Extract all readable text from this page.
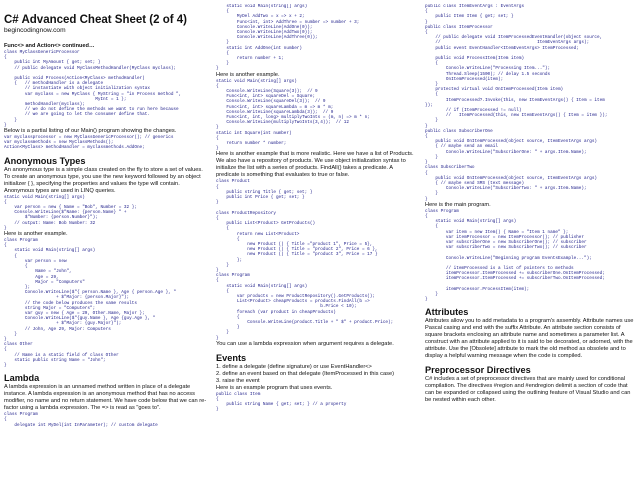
C# Advanced Cheat Sheet (2 of 4)
begincodingnow.com
Func<> and Action<> continued…
class MyClassGenericProcessor
{
public int MyAmount { get; set; }
// public delegate void MyClassMethodHandler(MyClass myclass);

public void Process(Action<MyClass> methodHandler)
{   // methodHandler is a delegate
// instantiate with object initialization syntax
var myclass = new MyClass { MyString = "in Process method ",
MyInt = 1 };
methodHandler(myclass);
// we do not define the methods we want to run here because
// we are going to let the consumer define that.
}
}
Below is a partial listing of our Main() program showing the changes.
var myclassprocessor = new MyClassGenericProcessor(); // generics
var myclassmethods = new MyClassMethods();
Action<MyClass> methodHandler = myclassmethods.AddOne;
Anonymous Types
An anonymous type is a simple class created on the fly to store a set of values. To create an anonymous type, you use the new keyword followed by an object initializer { }, specifying the properties and values the type will contain. Anonymous types are used in LINQ queries.
static void Main(string[] args)
{
var person = new { Name = "Bob", Number = 32 };
Console.WriteLine($"Name: {person.Name} " +
$"Number: {person.Number}");
// output: Name: Bob Number: 32
}
Here is another example.
class Program
{
static void Main(string[] args)
{
var person = new
{
Name = "John",
Age = 29,
Major = "Computers"
};
Console.WriteLine($"{ person.Name }, Age { person.Age }, "
+ $"Major: {person.Major}");
// the code below produces the same results
string Major = "Computers";
var guy = new { Age = 29, Other.Name, Major };
Console.WriteLine($"{guy.Name }, Age {guy.Age }, "
+ $"Major: {guy.Major}");
// John, Age 29, Major: Computers
}
}
class Other
{
// Name is a static field of class Other
static public string Name = "John";
}
Lambda
A lambda expression is an unnamed method written in place of a delegate instance. A lambda expression is an anonymous method that has no access modifier, no name and no return statement. We have code below that we can re-factor using a lambda expression. The => is read as "goes to".
class Program
{
delegate int MyDel(int InParameter); // custom delegate
static void Main(string[] args)
{
MyDel AddTwo = x => x + 2;
Func<int, int> AddThree = number => number + 3;
Console.WriteLine(AddOne(0));
Console.WriteLine(AddTwo(0));
Console.WriteLine(AddThree(0));
}
static int AddOne(int number)
{
return number + 1;
}
}
Here is another example.
static void Main(string[] args)
{
Console.WriteLine(Square(3));  // 9
Func<int, int> squareDel = Square;
Console.WriteLine(squareDel(3));  // 9
Func<int, int> squareLambda = m => m * m;
Console.WriteLine(squareLambda(3));  // 9
Func<int, int, long> multiplyTwoInts = (m, n) => m * n;
Console.WriteLine(multiplyTwoInts(3,4));  // 12
}
static int Square(int number)
{
return number * number;
}
Here is another example that is more realistic. Here we have a list of Products. We also have a repository of products. We use object initialization syntax to initialize the list with a series of products. FindAll() takes a predicate. A predicate is something that evaluates to true or false.
class Product
{
public string Title { get; set; }
public int Price { get; set; }
}

class ProductRepository
{
public List<Product> GetProducts()
{
return new List<Product>
{
new Product () { Title ="product 1", Price = 5},
new Product () { Title = "product 2", Price = 6 },
new Product () { Title = "product 3", Price = 17 }
};
}
}
class Program
{
static void Main(string[] args)
{
var products = new ProductRepository().GetProducts();
List<Product> cheapProducts = products.FindAll(b =>
b.Price < 10);
foreach (var product in cheapProducts)
{
Console.WriteLine(product.Title + " $" + product.Price);
}
}
}
You can use a lambda expression when argument requires a delegate.
Events
1. define a delegate (define signature) or use EventHandler<>
2. define an event based on that delegate (ItemProcessed in this case)
3. raise the event
Here is an example program that uses events.
public class Item
{
public string Name { get; set; } // a property
}
public class ItemEventArgs : EventArgs
{
public Item Item { get; set; }
}
public class ItemProcessor
{
// public delegate void ItemProcessedEventHandler(object source,
//                                     ItemEventArgs args);
public event EventHandler<ItemEventArgs> ItemProcessed;

public void ProcessItem(Item item)
{
Console.WriteLine("Processing Item...");
Thread.Sleep(1500); // delay 1.5 seconds
OnItemProcessed(item);
}
protected virtual void OnItemProcessed(Item item)
{
ItemProcessed?.Invoke(this, new ItemEventArgs() { Item = item
});
// if (ItemProcessed != null)
//   ItemProcessed(this, new ItemEventArgs() { Item = item });
}
}
public class SubscriberOne
{
public void OnItemProcessed(object source, ItemEventArgs args)
{ // maybe send an email
Console.WriteLine("SubscriberOne: " + args.Item.Name);
}
}
class SubscriberTwo
{
public void OnItemProcessed(object source, ItemEventArgs args)
{ // maybe send SMS (text message)
Console.WriteLine("SubscriberTwo: " + args.Item.Name);
}
}
Here is the main program.
class Program
{
static void Main(string[] args)
{
var item = new Item() { Name = "Item 1 name" };
var itemProcessor = new ItemProcessor(); // publisher
var subscriberOne = new SubscriberOne(); // subscriber
var subscriberTwo = new SubscriberTwo(); // subscriber

Console.WriteLine("Beginning program EventsExample...");

// itemProcessed is a list of pointers to methods
itemProcessor.ItemProcessed += subscriberOne.OnItemProcessed;
itemProcessor.ItemProcessed += subscriberTwo.OnItemProcessed;

itemProcessor.ProcessItem(item);
}
}
Attributes
Attributes allow you to add metadata to a program's assembly. Attribute names use Pascal casing and end with the suffix Attribute. An attribute section consists of square brackets enclosing an attribute name and sometimes a parameter list. A construct with an attribute applied to it is said to be decorated, or adorned, with the attribute. Use the [Obsolete] attribute to mark the old method as obsolete and to display a helpful warning message when the code is compiled.
Preprocessor Directives
C# includes a set of preprocessor directives that are mainly used for conditional compilation. The directives #region and #endregion delimit a section of code that can be expanded or collapsed using the outlining feature of Visual Studio and can be nested within each other.
